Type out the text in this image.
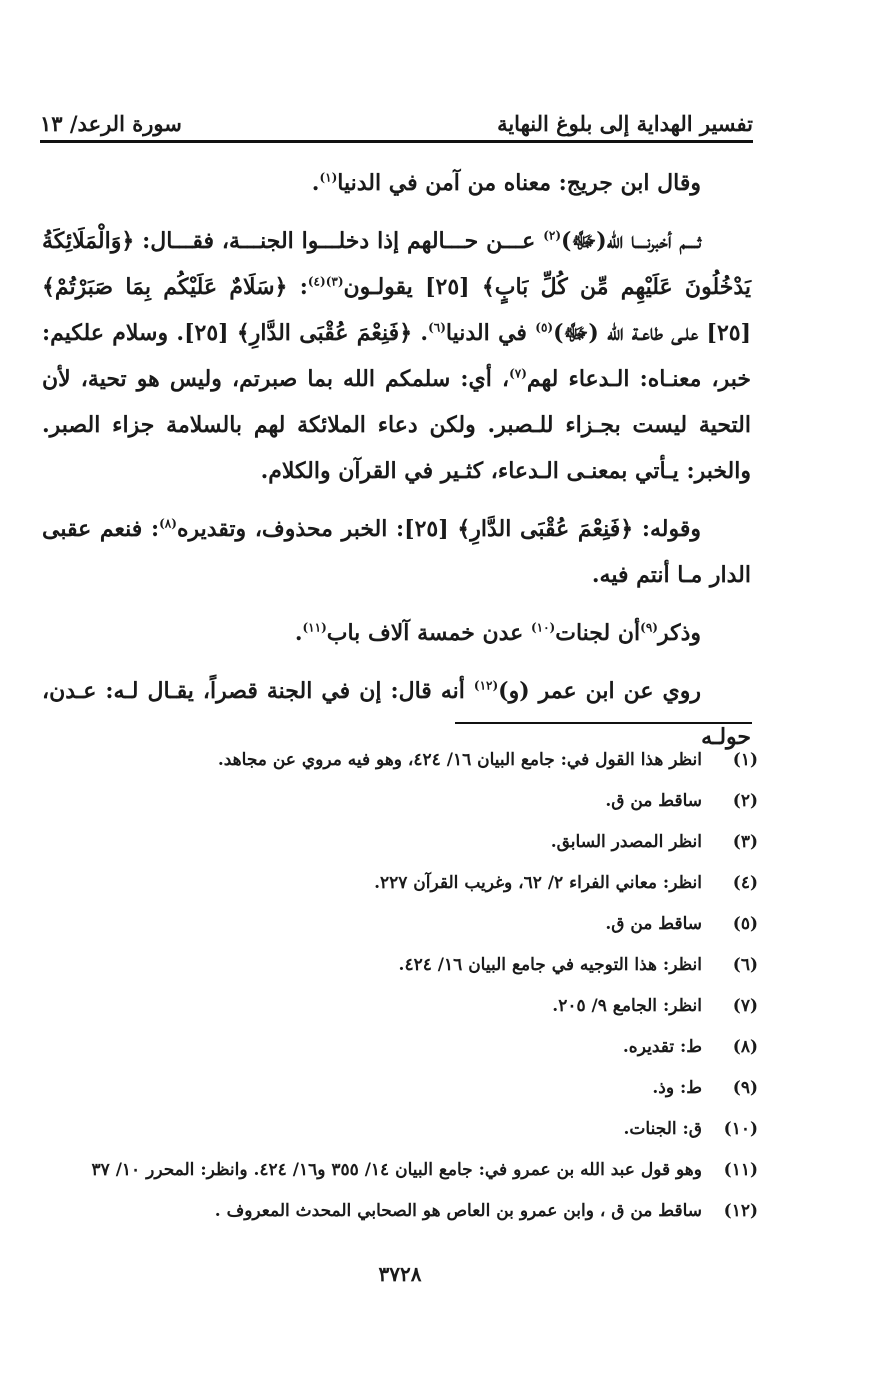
تفسير الهداية إلى بلوغ النهاية
سورة الرعد/ ١٣

وقال ابن جريج: معناه من آمن في الدنيا$^{(١)}$.

ثــــم أخبرنــــا الله(ﷻ)$^{(٢)}$ عـــن حـــالهم إذا دخلـــوا الجنـــة، فقـــال: ﴿وَالْمَلَائِكَةُ يَدْخُلُونَ عَلَيْهِم مِّن كُلِّ بَابٍ﴾ [٢٥] يقولـون$^{(٣)(٤)}$: ﴿سَلَامٌ عَلَيْكُم بِمَا صَبَرْتُمْ﴾ [٢٥] علـى طاعـة الله (ﷻ)$^{(٥)}$ في الدنيا$^{(٦)}$. ﴿فَنِعْمَ عُقْبَى الدَّارِ﴾ [٢٥]. وسلام علكيم: خبر، معنـاه: الـدعاء لهم$^{(٧)}$، أي: سلمكم الله بما صبرتم، وليس هو تحية، لأن التحية ليست بجـزاء للـصبر. ولكن دعاء الملائكة لهم بالسلامة جزاء الصبر. والخبر: يـأتي بمعنـى الـدعاء، كثـير في القرآن والكلام.

وقوله: ﴿فَنِعْمَ عُقْبَى الدَّارِ﴾ [٢٥]: الخبر محذوف، وتقديره$^{(٨)}$: فنعم عقبى الدار مـا أنتم فيه.

وذكر$^{(٩)}$أن لجنات$^{(١٠)}$ عدن خمسة آلاف باب$^{(١١)}$.

روي عن ابن عمر (و)$^{(١٢)}$ أنه قال: إن في الجنة قصراً، يقـال لـه: عـدن، حولـه

(١)انظر هذا القول في: جامع البيان ١٦/ ٤٢٤، وهو فيه مروي عن مجاهد.
(٢)ساقط من ق.
(٣)انظر المصدر السابق.
(٤)انظر: معاني الفراء ٢/ ٦٢، وغريب القرآن ٢٢٧.
(٥)ساقط من ق.
(٦)انظر: هذا التوجيه في جامع البيان ١٦/ ٤٢٤.
(٧)انظر: الجامع ٩/ ٢٠٥.
(٨)ط: تقديره.
(٩)ط: وذ.
(١٠)ق: الجنات.
(١١)وهو قول عبد الله بن عمرو في: جامع البيان ١٤/ ٣٥٥ و١٦/ ٤٢٤. وانظر: المحرر ١٠/ ٣٧
(١٢)ساقط من ق ، وابن عمرو بن العاص هو الصحابي المحدث المعروف .
٣٧٢٨
